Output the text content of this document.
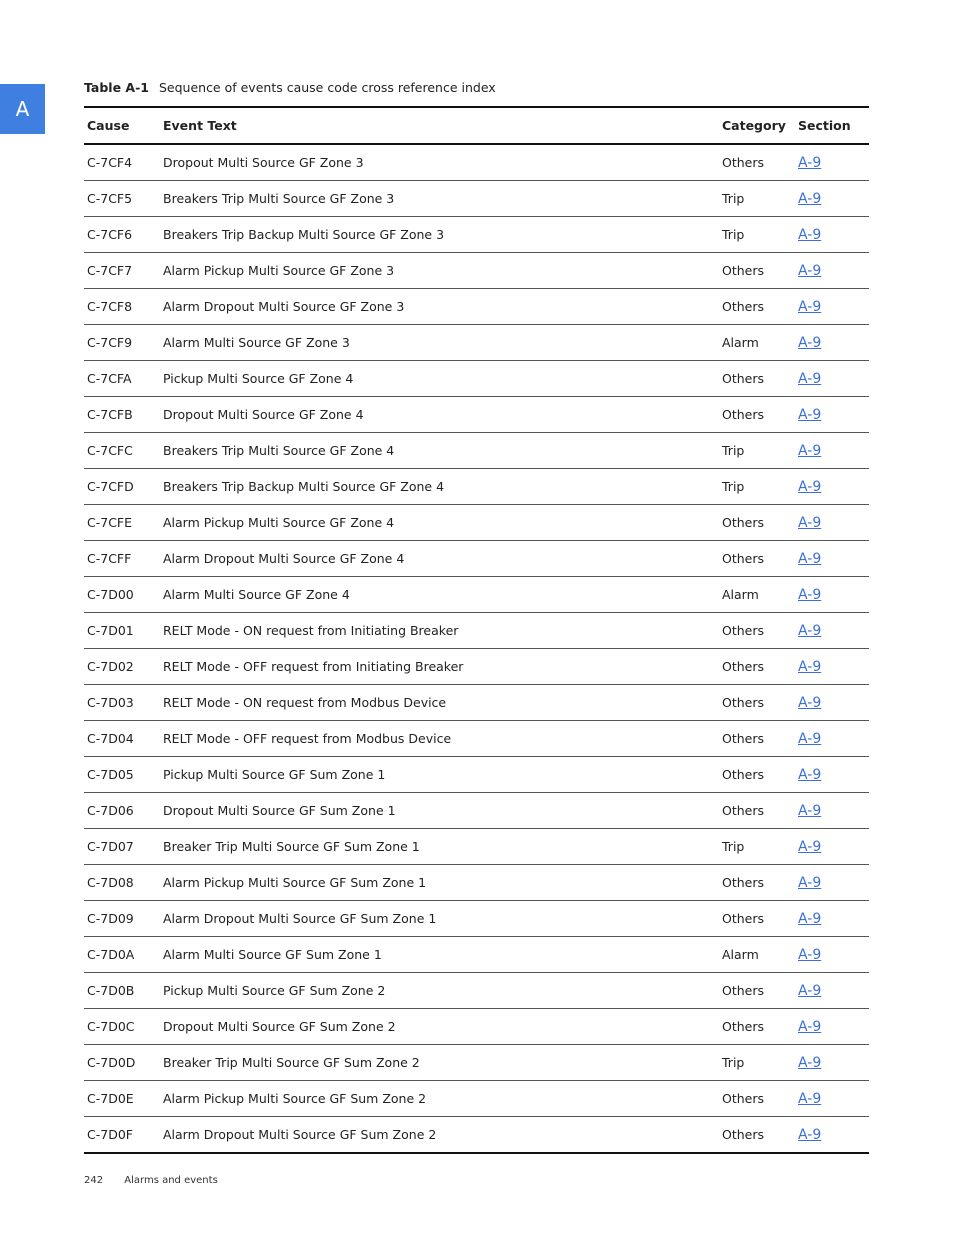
A
Table A-1 Sequence of events cause code cross reference index
Cause	Event Text	Category	Section
C-7CF4	Dropout Multi Source GF Zone 3	Others	A-9
C-7CF5	Breakers Trip Multi Source GF Zone 3	Trip	A-9
C-7CF6	Breakers Trip Backup Multi Source GF Zone 3	Trip	A-9
C-7CF7	Alarm Pickup Multi Source GF Zone 3	Others	A-9
C-7CF8	Alarm Dropout Multi Source GF Zone 3	Others	A-9
C-7CF9	Alarm Multi Source GF Zone 3	Alarm	A-9
C-7CFA	Pickup Multi Source GF Zone 4	Others	A-9
C-7CFB	Dropout Multi Source GF Zone 4	Others	A-9
C-7CFC	Breakers Trip Multi Source GF Zone 4	Trip	A-9
C-7CFD	Breakers Trip Backup Multi Source GF Zone 4	Trip	A-9
C-7CFE	Alarm Pickup Multi Source GF Zone 4	Others	A-9
C-7CFF	Alarm Dropout Multi Source GF Zone 4	Others	A-9
C-7D00	Alarm Multi Source GF Zone 4	Alarm	A-9
C-7D01	RELT Mode - ON request from Initiating Breaker	Others	A-9
C-7D02	RELT Mode - OFF request from Initiating Breaker	Others	A-9
C-7D03	RELT Mode - ON request from Modbus Device	Others	A-9
C-7D04	RELT Mode - OFF request from Modbus Device	Others	A-9
C-7D05	Pickup Multi Source GF Sum Zone 1	Others	A-9
C-7D06	Dropout Multi Source GF Sum Zone 1	Others	A-9
C-7D07	Breaker Trip Multi Source GF Sum Zone 1	Trip	A-9
C-7D08	Alarm Pickup Multi Source GF Sum Zone 1	Others	A-9
C-7D09	Alarm Dropout Multi Source GF Sum Zone 1	Others	A-9
C-7D0A	Alarm Multi Source GF Sum Zone 1	Alarm	A-9
C-7D0B	Pickup Multi Source GF Sum Zone 2	Others	A-9
C-7D0C	Dropout Multi Source GF Sum Zone 2	Others	A-9
C-7D0D	Breaker Trip Multi Source GF Sum Zone 2	Trip	A-9
C-7D0E	Alarm Pickup Multi Source GF Sum Zone 2	Others	A-9
C-7D0F	Alarm Dropout Multi Source GF Sum Zone 2	Others	A-9
242 Alarms and events
